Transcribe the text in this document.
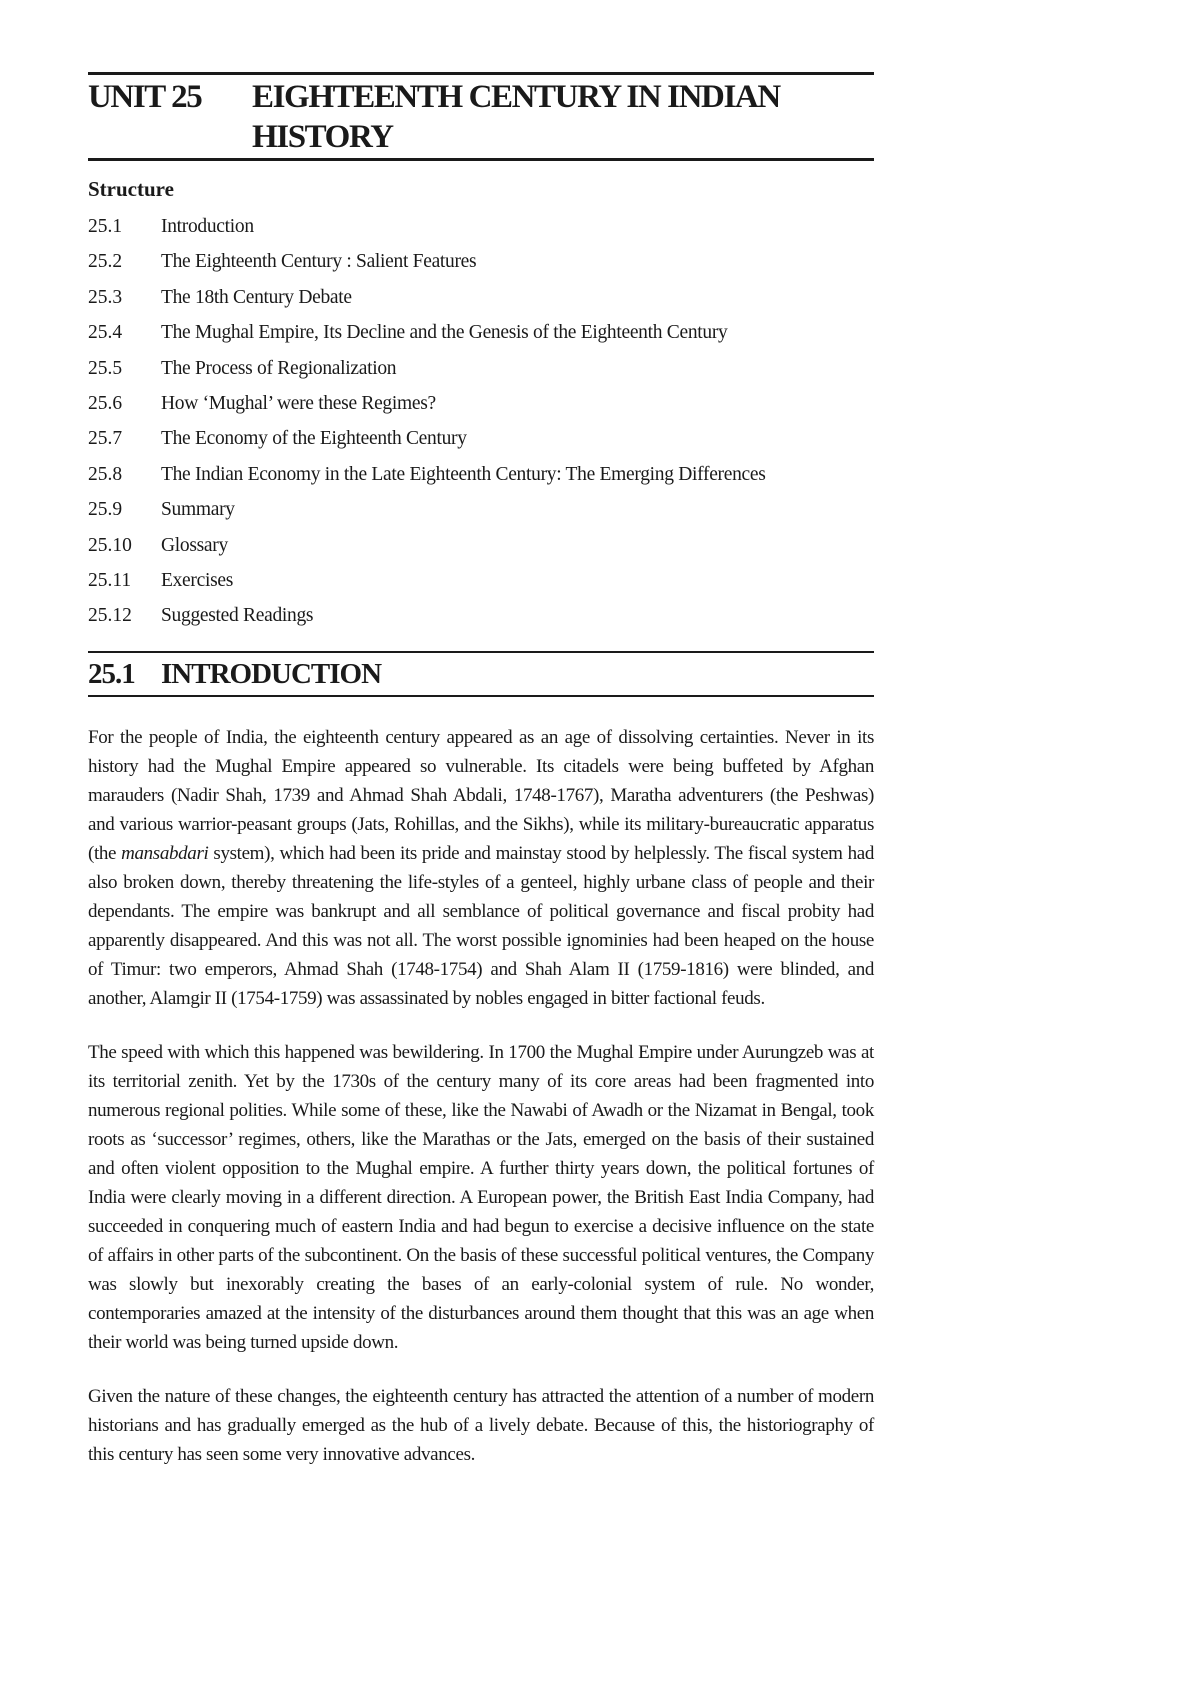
UNIT 25	EIGHTEENTH CENTURY IN INDIAN
HISTORY
Structure
25.1	Introduction
25.2	The Eighteenth Century : Salient Features
25.3	The 18th Century Debate
25.4	The Mughal Empire, Its Decline and the Genesis of the Eighteenth Century
25.5	The Process of Regionalization
25.6	How ‘Mughal’ were these Regimes?
25.7	The Economy of the Eighteenth Century
25.8	The Indian Economy in the Late Eighteenth Century: The Emerging Differences
25.9	Summary
25.10	Glossary
25.11	Exercises
25.12	Suggested Readings
25.1 INTRODUCTION

For the people of India, the eighteenth century appeared as an age of dissolving certainties. Never in its history had the Mughal Empire appeared so vulnerable. Its citadels were being buffeted by Afghan marauders (Nadir Shah, 1739 and Ahmad Shah Abdali, 1748-1767), Maratha adventurers (the Peshwas) and various warrior-peasant groups (Jats, Rohillas, and the Sikhs), while its military-bureaucratic apparatus (the mansabdari system), which had been its pride and mainstay stood by helplessly. The fiscal system had also broken down, thereby threatening the life-styles of a genteel, highly urbane class of people and their dependants. The empire was bankrupt and all semblance of political governance and fiscal probity had apparently disappeared. And this was not all. The worst possible ignominies had been heaped on the house of Timur: two emperors, Ahmad Shah (1748-1754) and Shah Alam II (1759-1816) were blinded, and another, Alamgir II (1754-1759) was assassinated by nobles engaged in bitter factional feuds.

The speed with which this happened was bewildering. In 1700 the Mughal Empire under Aurungzeb was at its territorial zenith. Yet by the 1730s of the century many of its core areas had been fragmented into numerous regional polities. While some of these, like the Nawabi of Awadh or the Nizamat in Bengal, took roots as ‘successor’ regimes, others, like the Marathas or the Jats, emerged on the basis of their sustained and often violent opposition to the Mughal empire. A further thirty years down, the political fortunes of India were clearly moving in a different direction. A European power, the British East India Company, had succeeded in conquering much of eastern India and had begun to exercise a decisive influence on the state of affairs in other parts of the subcontinent. On the basis of these successful political ventures, the Company was slowly but inexorably creating the bases of an early-colonial system of rule. No wonder, contemporaries amazed at the intensity of the disturbances around them thought that this was an age when their world was being turned upside down.

Given the nature of these changes, the eighteenth century has attracted the attention of a number of modern historians and has gradually emerged as the hub of a lively debate. Because of this, the historiography of this century has seen some very innovative advances.
